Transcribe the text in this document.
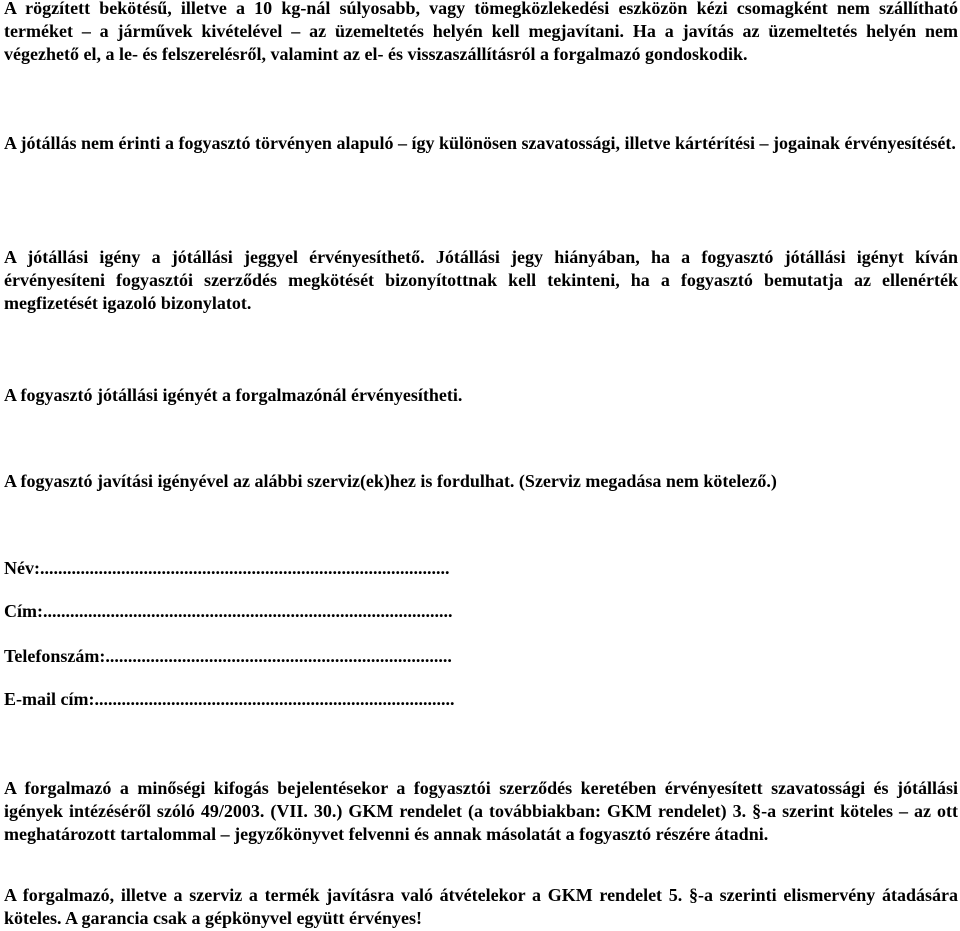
A rögzített bekötésű, illetve a 10 kg-nál súlyosabb, vagy tömegközlekedési eszközön kézi csomagként nem szállítható terméket – a járművek kivételével – az üzemeltetés helyén kell megjavítani. Ha a javítás az üzemeltetés helyén nem végezhető el, a le- és felszerelésről, valamint az el- és visszaszállításról a forgalmazó gondoskodik.

A jótállás nem érinti a fogyasztó törvényen alapuló – így különösen szavatossági, illetve kártérítési – jogainak érvényesítését.

A jótállási igény a jótállási jeggyel érvényesíthető. Jótállási jegy hiányában, ha a fogyasztó jótállási igényt kíván érvényesíteni fogyasztói szerződés megkötését bizonyítottnak kell tekinteni, ha a fogyasztó bemutatja az ellenérték megfizetését igazoló bizonylatot.

A fogyasztó jótállási igényét a forgalmazónál érvényesítheti.

A fogyasztó javítási igényével az alábbi szerviz(ek)hez is fordulhat. (Szerviz megadása nem kötelező.)

Név:...........................................................................................
Cím:...........................................................................................
Telefonszám:.............................................................................
E-mail cím:................................................................................

A forgalmazó a minőségi kifogás bejelentésekor a fogyasztói szerződés keretében érvényesített szavatossági és jótállási igények intézéséről szóló 49/2003. (VII. 30.) GKM rendelet (a továbbiakban: GKM rendelet) 3. §-a szerint köteles – az ott meghatározott tartalommal – jegyzőkönyvet felvenni és annak másolatát a fogyasztó részére átadni.

A forgalmazó, illetve a szerviz a termék javításra való átvételekor a GKM rendelet 5. §-a szerinti elismervény átadására köteles. A garancia csak a gépkönyvel együtt érvényes!
